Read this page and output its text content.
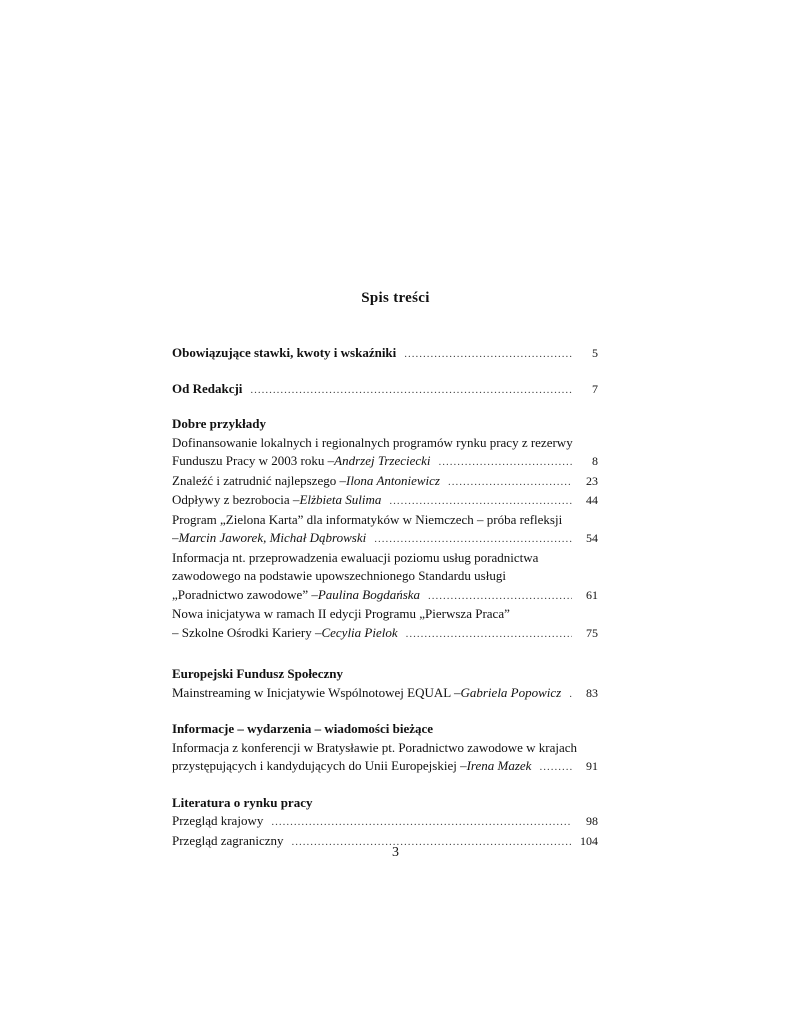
Spis treści
Obowiązujące stawki, kwoty i wskaźniki .....	5
Od Redakcji .....	7
Dobre przykłady
Dofinansowanie lokalnych i regionalnych programów rynku pracy z rezerwy
Funduszu Pracy w 2003 roku – Andrzej Trzeciecki .....	8
Znaleźć i zatrudnić najlepszego – Ilona Antoniewicz .....	23
Odpływy z bezrobocia – Elżbieta Sulima .....	44
Program „Zielona Karta” dla informatyków w Niemczech – próba refleksji
– Marcin Jaworek, Michał Dąbrowski .....	54
Informacja nt. przeprowadzenia ewaluacji poziomu usług poradnictwa
zawodowego na podstawie upowszechnionego Standardu usługi
„Poradnictwo zawodowe” – Paulina Bogdańska .....	61
Nowa inicjatywa w ramach II edycji Programu „Pierwsza Praca”
– Szkolne Ośrodki Kariery – Cecylia Pielok .....	75
Europejski Fundusz Społeczny
Mainstreaming w Inicjatywie Wspólnotowej EQUAL – Gabriela Popowicz .....	83
Informacje – wydarzenia – wiadomości bieżące
Informacja z konferencji w Bratysławie pt. Poradnictwo zawodowe w krajach
przystępujących i kandydujących do Unii Europejskiej – Irena Mazek .....	91
Literatura o rynku pracy
Przegląd krajowy .....	98
Przegląd zagraniczny .....	104
3
